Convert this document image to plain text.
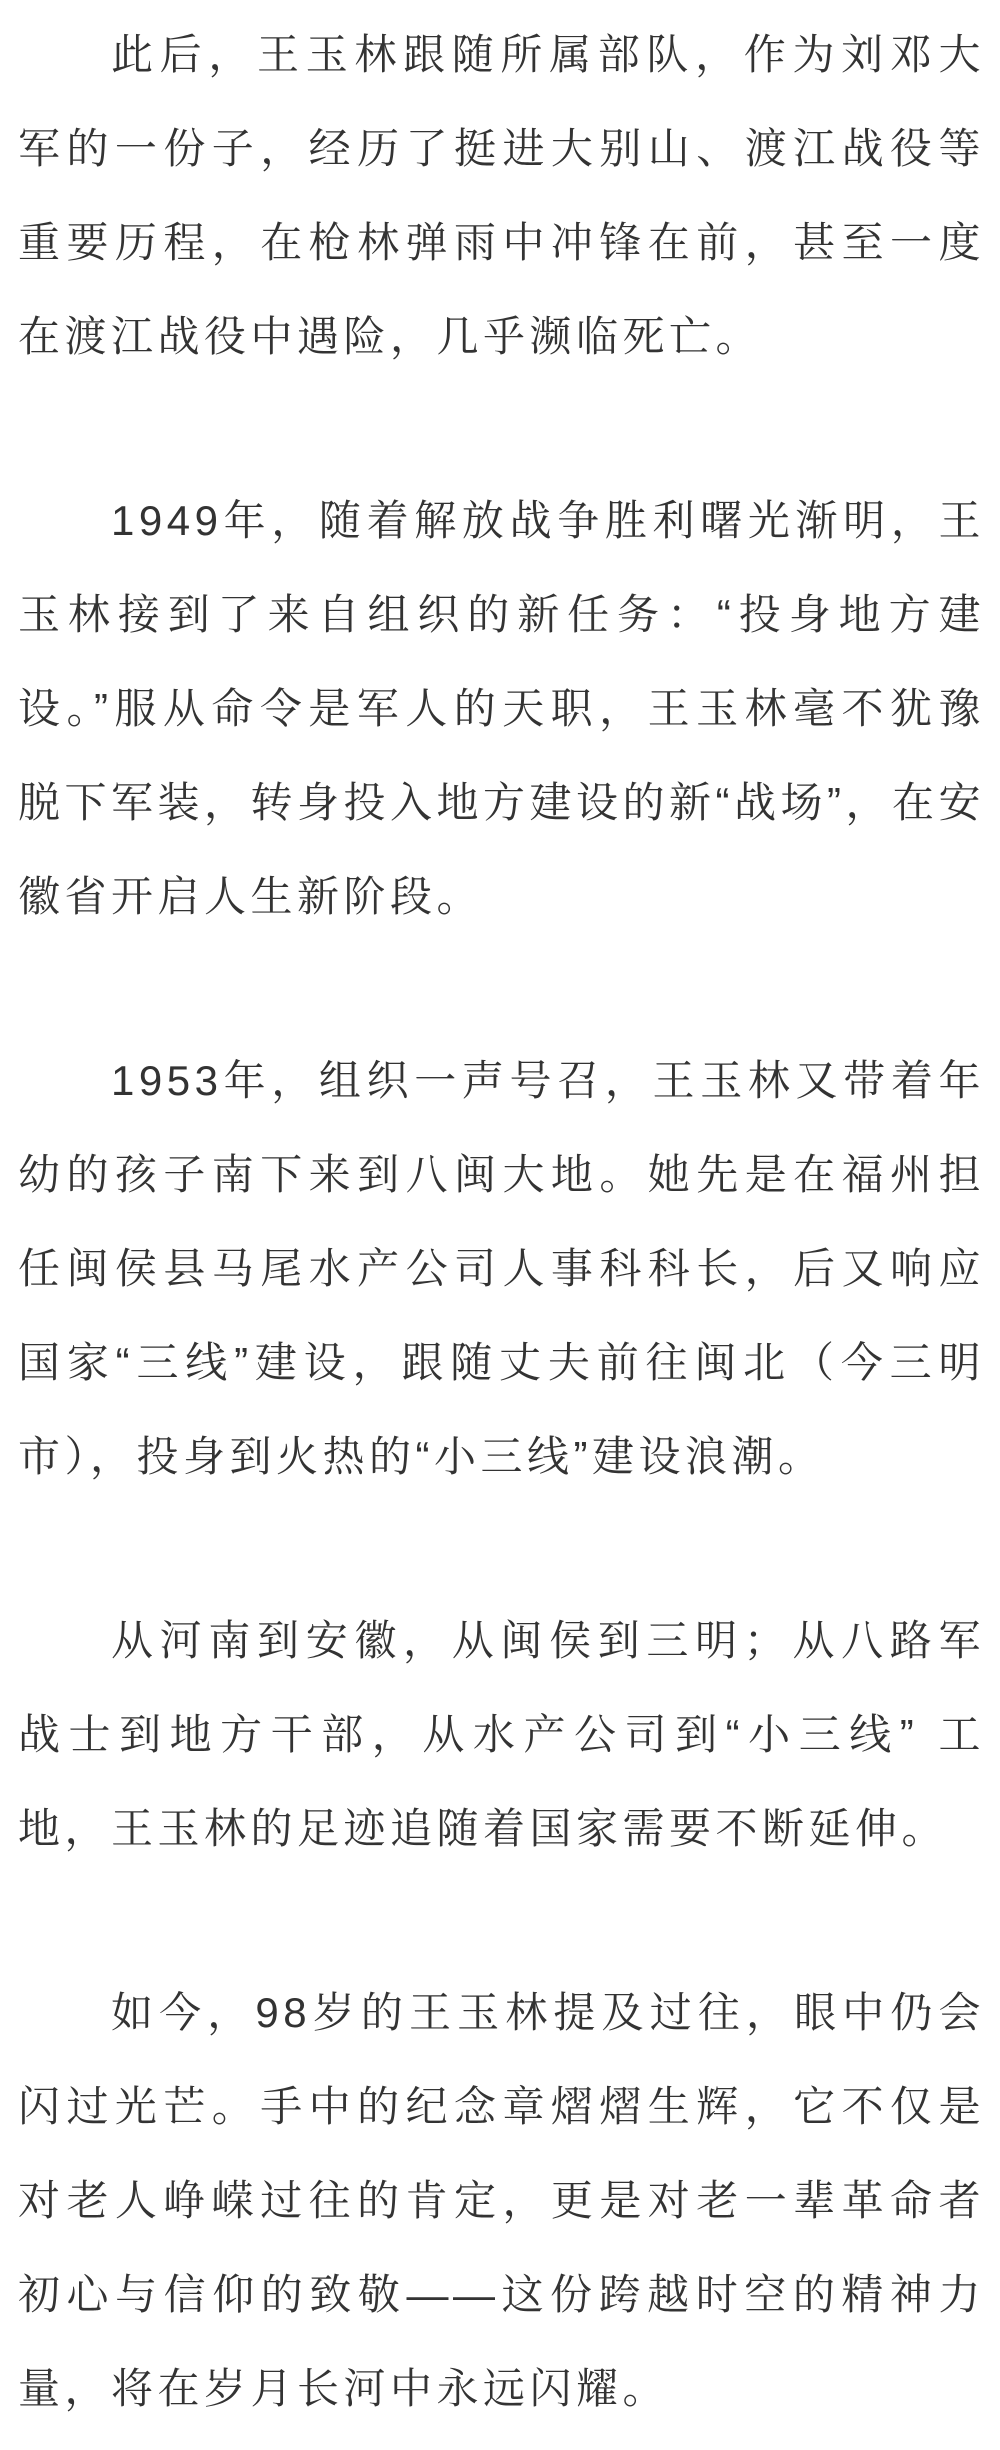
此后，王玉林跟随所属部队，作为刘邓大军的一份子，经历了挺进大别山、渡江战役等重要历程，在枪林弹雨中冲锋在前，甚至一度在渡江战役中遇险，几乎濒临死亡。

1949年，随着解放战争胜利曙光渐明，王玉林接到了来自组织的新任务：“投身地方建设。”服从命令是军人的天职，王玉林毫不犹豫脱下军装，转身投入地方建设的新“战场”，在安徽省开启人生新阶段。

1953年，组织一声号召，王玉林又带着年幼的孩子南下来到八闽大地。她先是在福州担任闽侯县马尾水产公司人事科科长，后又响应国家“三线”建设，跟随丈夫前往闽北（今三明市），投身到火热的“小三线”建设浪潮。

从河南到安徽，从闽侯到三明；从八路军战士到地方干部，从水产公司到“小三线” 工地，王玉林的足迹追随着国家需要不断延伸。

如今，98岁的王玉林提及过往，眼中仍会闪过光芒。手中的纪念章熠熠生辉，它不仅是对老人峥嵘过往的肯定，更是对老一辈革命者初心与信仰的致敬——这份跨越时空的精神力量，将在岁月长河中永远闪耀。
